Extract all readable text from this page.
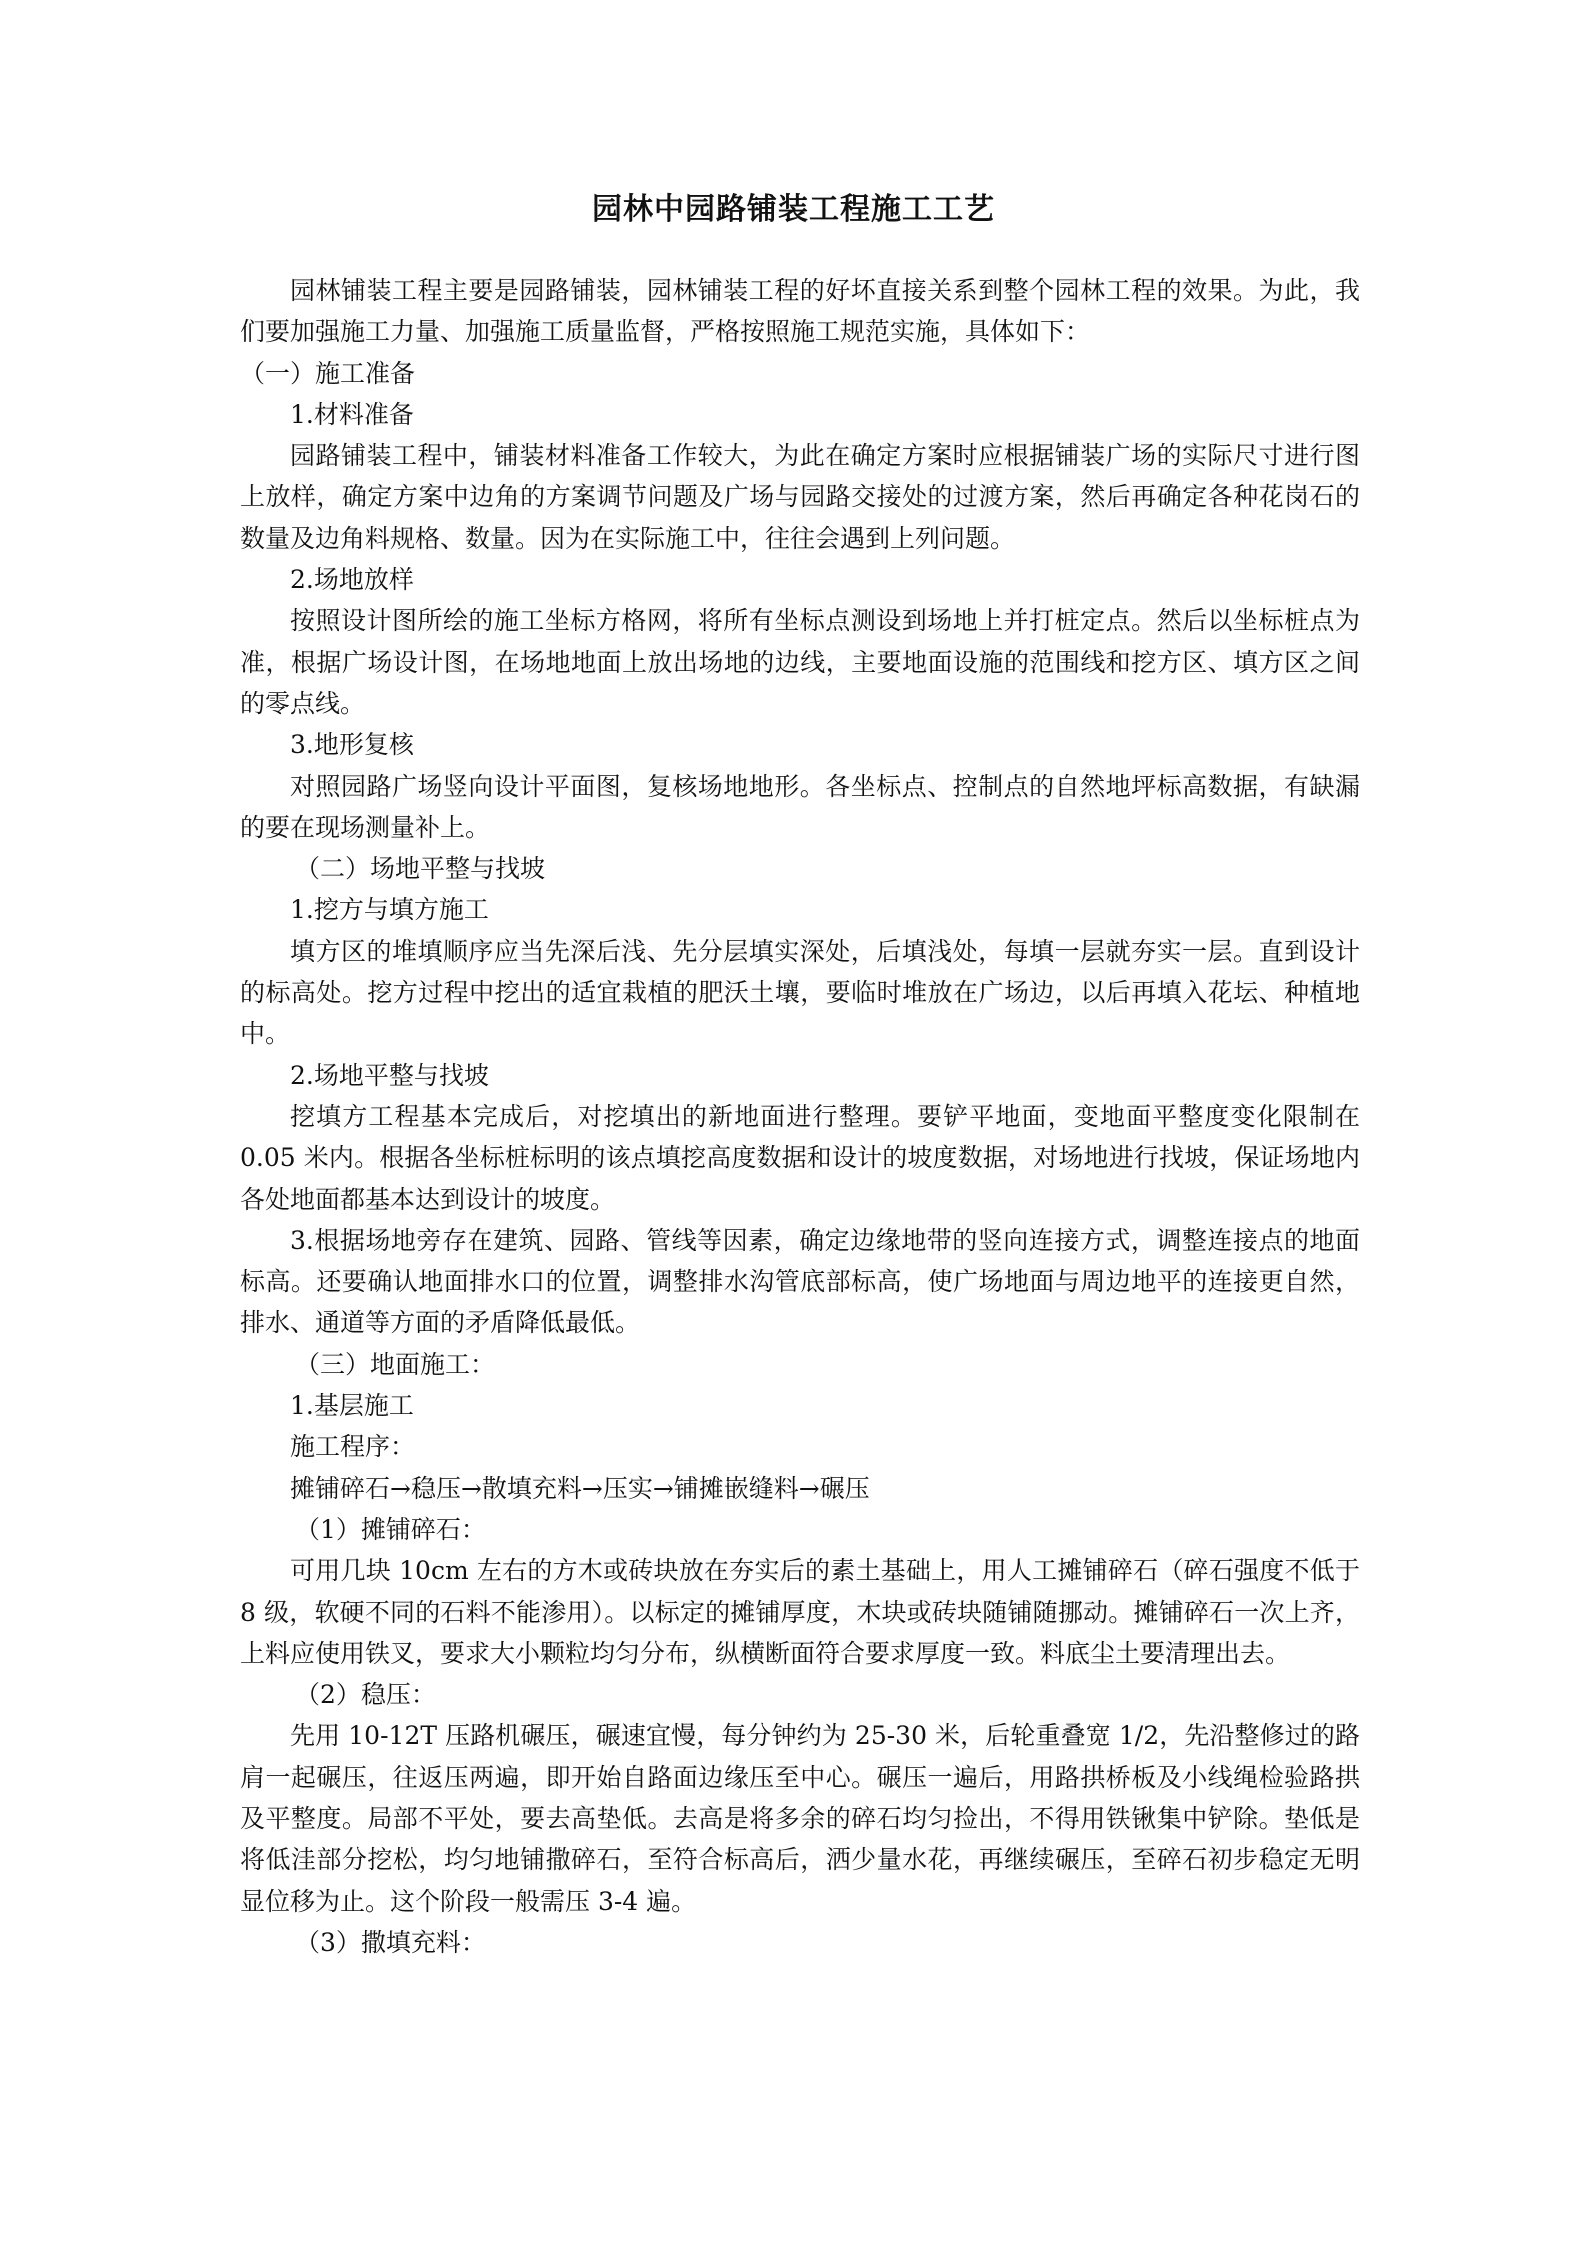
园林中园路铺装工程施工工艺

园林铺装工程主要是园路铺装，园林铺装工程的好坏直接关系到整个园林工程的效果。为此，我们要加强施工力量、加强施工质量监督，严格按照施工规范实施，具体如下：

（一）施工准备

1.材料准备

园路铺装工程中，铺装材料准备工作较大，为此在确定方案时应根据铺装广场的实际尺寸进行图上放样，确定方案中边角的方案调节问题及广场与园路交接处的过渡方案，然后再确定各种花岗石的数量及边角料规格、数量。因为在实际施工中，往往会遇到上列问题。

2.场地放样

按照设计图所绘的施工坐标方格网，将所有坐标点测设到场地上并打桩定点。然后以坐标桩点为准，根据广场设计图，在场地地面上放出场地的边线，主要地面设施的范围线和挖方区、填方区之间的零点线。

3.地形复核

对照园路广场竖向设计平面图，复核场地地形。各坐标点、控制点的自然地坪标高数据，有缺漏的要在现场测量补上。

（二）场地平整与找坡

1.挖方与填方施工

填方区的堆填顺序应当先深后浅、先分层填实深处，后填浅处，每填一层就夯实一层。直到设计的标高处。挖方过程中挖出的适宜栽植的肥沃土壤，要临时堆放在广场边，以后再填入花坛、种植地中。

2.场地平整与找坡

挖填方工程基本完成后，对挖填出的新地面进行整理。要铲平地面，变地面平整度变化限制在 0.05 米内。根据各坐标桩标明的该点填挖高度数据和设计的坡度数据，对场地进行找坡，保证场地内各处地面都基本达到设计的坡度。

3.根据场地旁存在建筑、园路、管线等因素，确定边缘地带的竖向连接方式，调整连接点的地面标高。还要确认地面排水口的位置，调整排水沟管底部标高，使广场地面与周边地平的连接更自然，排水、通道等方面的矛盾降低最低。

（三）地面施工：

1.基层施工

施工程序：

摊铺碎石→稳压→散填充料→压实→铺摊嵌缝料→碾压

（1）摊铺碎石：

可用几块 10cm 左右的方木或砖块放在夯实后的素土基础上，用人工摊铺碎石（碎石强度不低于 8 级，软硬不同的石料不能渗用）。以标定的摊铺厚度，木块或砖块随铺随挪动。摊铺碎石一次上齐，上料应使用铁叉，要求大小颗粒均匀分布，纵横断面符合要求厚度一致。料底尘土要清理出去。

（2）稳压：

先用 10-12T 压路机碾压，碾速宜慢，每分钟约为 25-30 米，后轮重叠宽 1/2，先沿整修过的路肩一起碾压，往返压两遍，即开始自路面边缘压至中心。碾压一遍后，用路拱桥板及小线绳检验路拱及平整度。局部不平处，要去高垫低。去高是将多余的碎石均匀捡出，不得用铁锹集中铲除。垫低是将低洼部分挖松，均匀地铺撒碎石，至符合标高后，洒少量水花，再继续碾压，至碎石初步稳定无明显位移为止。这个阶段一般需压 3-4 遍。

（3）撒填充料：
